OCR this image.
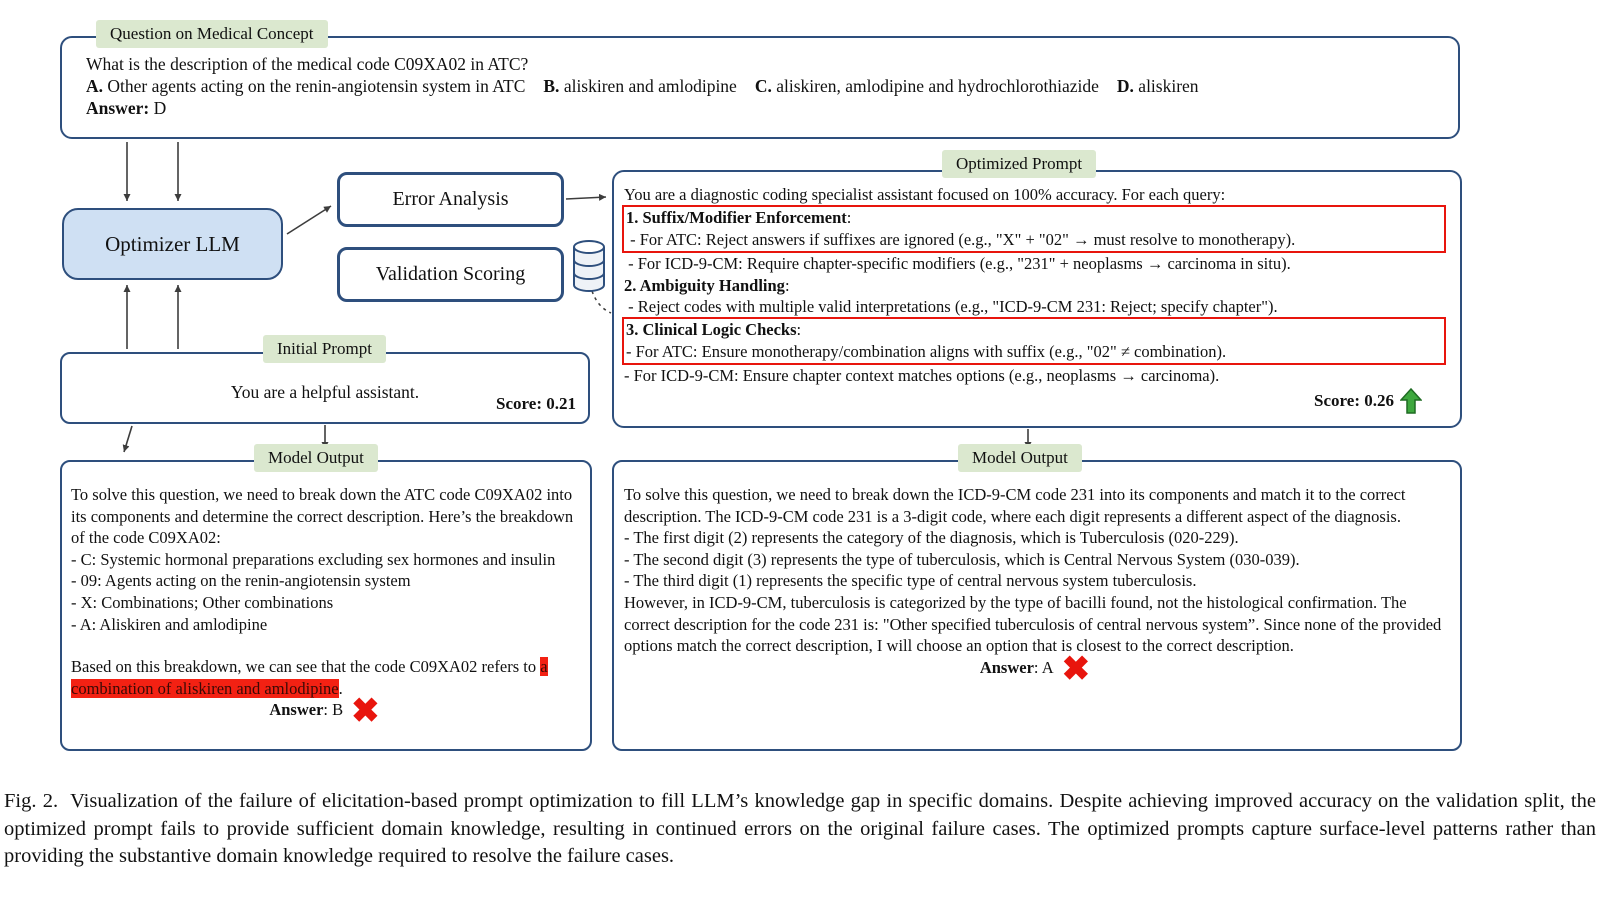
Question on Medical Concept
What is the description of the medical code C09XA02 in ATC?
A. Other agents acting on the renin-angiotensin system in ATC B. aliskiren and amlodipine C. aliskiren, amlodipine and hydrochlorothiazide D. aliskiren
Answer: D
Optimizer LLM
Error Analysis
Validation Scoring
Optimized Prompt
You are a diagnostic coding specialist assistant focused on 100% accuracy. For each query:
1. Suffix/Modifier Enforcement:
- For ATC: Reject answers if suffixes are ignored (e.g., "X" + "02" → must resolve to monotherapy).
- For ICD-9-CM: Require chapter-specific modifiers (e.g., "231" + neoplasms → carcinoma in situ).
2. Ambiguity Handling:
- Reject codes with multiple valid interpretations (e.g., "ICD-9-CM 231: Reject; specify chapter").
3. Clinical Logic Checks:
- For ATC: Ensure monotherapy/combination aligns with suffix (e.g., "02" ≠ combination).
- For ICD-9-CM: Ensure chapter context matches options (e.g., neoplasms → carcinoma).
Score: 0.26
Initial Prompt
You are a helpful assistant.
Score: 0.21
Model Output
To solve this question, we need to break down the ATC code C09XA02 into its components and determine the correct description. Here’s the breakdown of the code C09XA02:
- C: Systemic hormonal preparations excluding sex hormones and insulin
- 09: Agents acting on the renin-angiotensin system
- X: Combinations; Other combinations
- A: Aliskiren and amlodipine
Based on this breakdown, we can see that the code C09XA02 refers to a combination of aliskiren and amlodipine.
Answer : B ✖
Model Output
To solve this question, we need to break down the ICD-9-CM code 231 into its components and match it to the correct description. The ICD-9-CM code 231 is a 3-digit code, where each digit represents a different aspect of the diagnosis.
- The first digit (2) represents the category of the diagnosis, which is Tuberculosis (020-229).
- The second digit (3) represents the type of tuberculosis, which is Central Nervous System (030-039).
- The third digit (1) represents the specific type of central nervous system tuberculosis.
However, in ICD-9-CM, tuberculosis is categorized by the type of bacilli found, not the histological confirmation. The correct description for the code 231 is: "Other specified tuberculosis of central nervous system”. Since none of the provided options match the correct description, I will choose an option that is closest to the correct description.
Answer : A ✖
Fig. 2. Visualization of the failure of elicitation-based prompt optimization to fill LLM’s knowledge gap in specific domains. Despite achieving improved accuracy on the validation split, the optimized prompt fails to provide sufficient domain knowledge, resulting in continued errors on the original failure cases. The optimized prompts capture surface-level patterns rather than providing the substantive domain knowledge required to resolve the failure cases.
